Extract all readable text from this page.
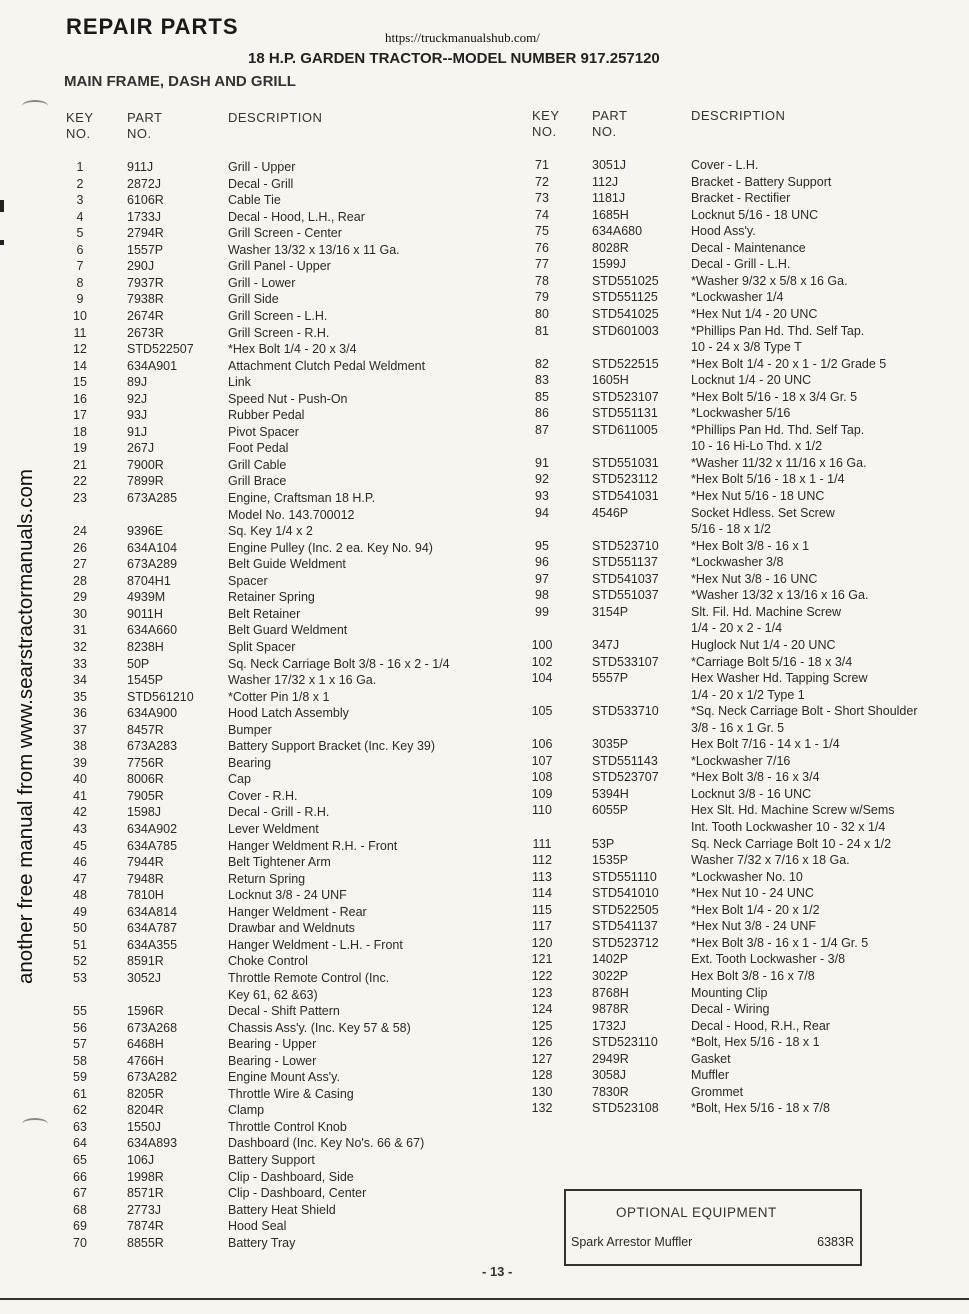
REPAIR PARTS	https://truckmanualshub.com/
18 H.P. GARDEN TRACTOR--MODEL NUMBER 917.257120
MAIN FRAME, DASH AND GRILL
another free manual from www.searstractormanuals.com
KEY NO.
PART NO.
DESCRIPTION	KEY NO.
PART NO.
DESCRIPTION
1	911J	Grill - Upper
2	2872J	Decal - Grill
3	6106R	Cable Tie
4	1733J	Decal - Hood, L.H., Rear
5	2794R	Grill Screen - Center
6	1557P	Washer 13/32 x 13/16 x 11 Ga.
7	290J	Grill Panel - Upper
8	7937R	Grill - Lower
9	7938R	Grill Side
10	2674R	Grill Screen - L.H.
11	2673R	Grill Screen - R.H.
12	STD522507	*Hex Bolt 1/4 - 20 x 3/4
14	634A901	Attachment Clutch Pedal Weldment
15	89J	Link
16	92J	Speed Nut - Push-On
17	93J	Rubber Pedal
18	91J	Pivot Spacer
19	267J	Foot Pedal
21	7900R	Grill Cable
22	7899R	Grill Brace
23	673A285	Engine, Craftsman 18 H.P.
Model No. 143.700012
24	9396E	Sq. Key 1/4 x 2
26	634A104	Engine Pulley (Inc. 2 ea. Key No. 94)
27	673A289	Belt Guide Weldment
28	8704H1	Spacer
29	4939M	Retainer Spring
30	9011H	Belt Retainer
31	634A660	Belt Guard Weldment
32	8238H	Split Spacer
33	50P	Sq. Neck Carriage Bolt 3/8 - 16 x 2 - 1/4
34	1545P	Washer 17/32 x 1 x 16 Ga.
35	STD561210	*Cotter Pin 1/8 x 1
36	634A900	Hood Latch Assembly
37	8457R	Bumper
38	673A283	Battery Support Bracket (Inc. Key 39)
39	7756R	Bearing
40	8006R	Cap
41	7905R	Cover - R.H.
42	1598J	Decal - Grill - R.H.
43	634A902	Lever Weldment
45	634A785	Hanger Weldment R.H. - Front
46	7944R	Belt Tightener Arm
47	7948R	Return Spring
48	7810H	Locknut 3/8 - 24 UNF
49	634A814	Hanger Weldment - Rear
50	634A787	Drawbar and Weldnuts
51	634A355	Hanger Weldment - L.H. - Front
52	8591R	Choke Control
53	3052J	Throttle Remote Control (Inc.
Key 61, 62 &63)
55	1596R	Decal - Shift Pattern
56	673A268	Chassis Ass'y. (Inc. Key 57 & 58)
57	6468H	Bearing - Upper
58	4766H	Bearing - Lower
59	673A282	Engine Mount Ass'y.
61	8205R	Throttle Wire & Casing
62	8204R	Clamp
63	1550J	Throttle Control Knob
64	634A893	Dashboard (Inc. Key No's. 66 & 67)
65	106J	Battery Support
66	1998R	Clip - Dashboard, Side
67	8571R	Clip - Dashboard, Center
68	2773J	Battery Heat Shield
69	7874R	Hood Seal
70	8855R	Battery Tray
71	3051J	Cover - L.H.
72	112J	Bracket - Battery Support
73	1181J	Bracket - Rectifier
74	1685H	Locknut 5/16 - 18 UNC
75	634A680	Hood Ass'y.
76	8028R	Decal - Maintenance
77	1599J	Decal - Grill - L.H.
78	STD551025	*Washer 9/32 x 5/8 x 16 Ga.
79	STD551125	*Lockwasher 1/4
80	STD541025	*Hex Nut 1/4 - 20 UNC
81	STD601003	*Phillips Pan Hd. Thd. Self Tap.
10 - 24 x 3/8 Type T
82	STD522515	*Hex Bolt 1/4 - 20 x 1 - 1/2 Grade 5
83	1605H	Locknut 1/4 - 20 UNC
85	STD523107	*Hex Bolt 5/16 - 18 x 3/4 Gr. 5
86	STD551131	*Lockwasher 5/16
87	STD611005	*Phillips Pan Hd. Thd. Self Tap.
10 - 16 Hi-Lo Thd. x 1/2
91	STD551031	*Washer 11/32 x 11/16 x 16 Ga.
92	STD523112	*Hex Bolt 5/16 - 18 x 1 - 1/4
93	STD541031	*Hex Nut 5/16 - 18 UNC
94	4546P	Socket Hdless. Set Screw
5/16 - 18 x 1/2
95	STD523710	*Hex Bolt 3/8 - 16 x 1
96	STD551137	*Lockwasher 3/8
97	STD541037	*Hex Nut 3/8 - 16 UNC
98	STD551037	*Washer 13/32 x 13/16 x 16 Ga.
99	3154P	Slt. Fil. Hd. Machine Screw
1/4 - 20 x 2 - 1/4
100	347J	Huglock Nut 1/4 - 20 UNC
102	STD533107	*Carriage Bolt 5/16 - 18 x 3/4
104	5557P	Hex Washer Hd. Tapping Screw
1/4 - 20 x 1/2 Type 1
105	STD533710	*Sq. Neck Carriage Bolt - Short Shoulder
3/8 - 16 x 1 Gr. 5
106	3035P	Hex Bolt 7/16 - 14 x 1 - 1/4
107	STD551143	*Lockwasher 7/16
108	STD523707	*Hex Bolt 3/8 - 16 x 3/4
109	5394H	Locknut 3/8 - 16 UNC
110	6055P	Hex Slt. Hd. Machine Screw w/Sems
Int. Tooth Lockwasher 10 - 32 x 1/4
111	53P	Sq. Neck Carriage Bolt 10 - 24 x 1/2
112	1535P	Washer 7/32 x 7/16 x 18 Ga.
113	STD551110	*Lockwasher No. 10
114	STD541010	*Hex Nut 10 - 24 UNC
115	STD522505	*Hex Bolt 1/4 - 20 x 1/2
117	STD541137	*Hex Nut 3/8 - 24 UNF
120	STD523712	*Hex Bolt 3/8 - 16 x 1 - 1/4 Gr. 5
121	1402P	Ext. Tooth Lockwasher - 3/8
122	3022P	Hex Bolt 3/8 - 16 x 7/8
123	8768H	Mounting Clip
124	9878R	Decal - Wiring
125	1732J	Decal - Hood, R.H., Rear
126	STD523110	*Bolt, Hex 5/16 - 18 x 1
127	2949R	Gasket
128	3058J	Muffler
130	7830R	Grommet
132	STD523108	*Bolt, Hex 5/16 - 18 x 7/8
OPTIONAL EQUIPMENT
Spark Arrestor Muffler	6383R
- 13 -
